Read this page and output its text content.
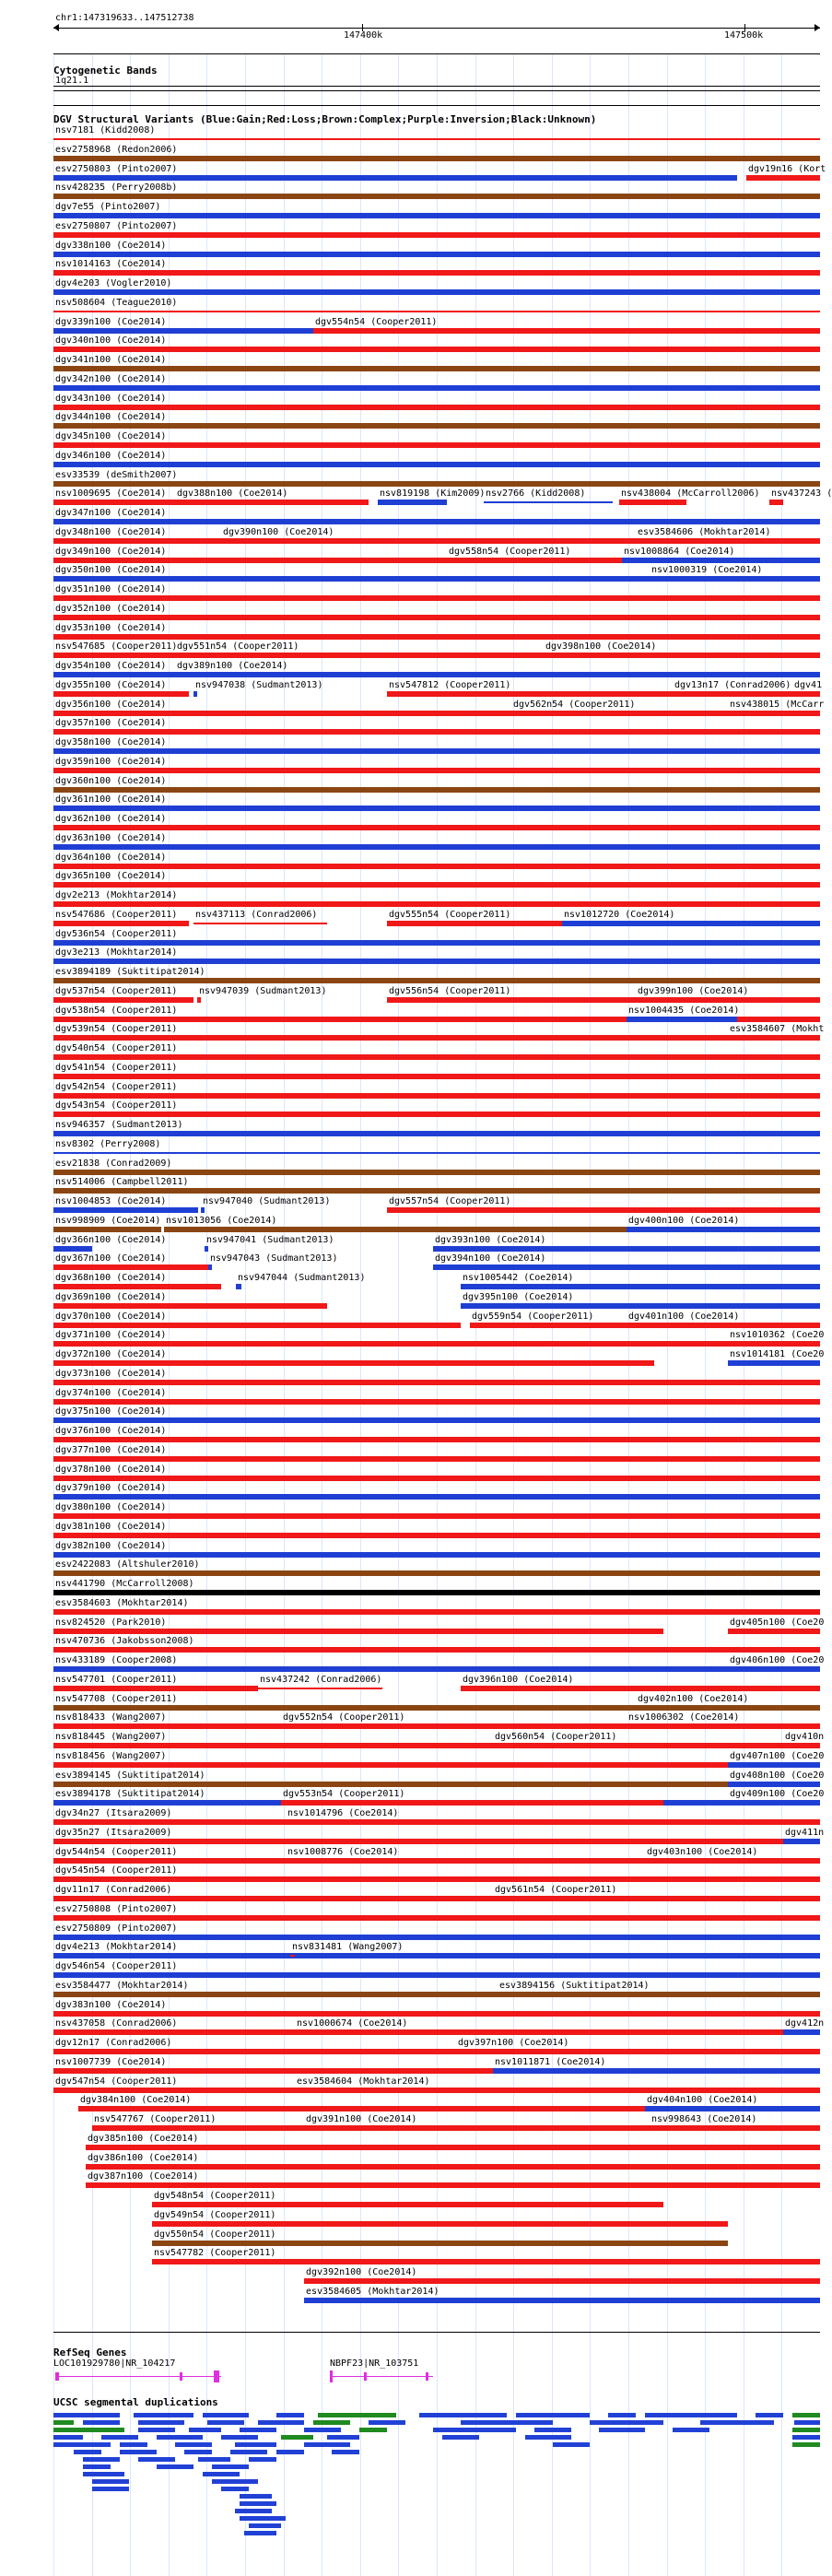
chr1:147319633..147512738
147400k	147500k
Cytogenetic Bands
1q21.1
DGV Structural Variants (Blue:Gain;Red:Loss;Brown:Complex;Purple:Inversion;Black:Unknown)
nsv7181 (Kidd2008)
esv2758968 (Redon2006)
esv2750803 (Pinto2007)	dgv19n16 (Kort
nsv428235 (Perry2008b)
dgv7e55 (Pinto2007)
esv2750807 (Pinto2007)
dgv338n100 (Coe2014)
nsv1014163 (Coe2014)
dgv4e203 (Vogler2010)
nsv508604 (Teague2010)
dgv339n100 (Coe2014)	dgv554n54 (Cooper2011)
dgv340n100 (Coe2014)
dgv341n100 (Coe2014)
dgv342n100 (Coe2014)
dgv343n100 (Coe2014)
dgv344n100 (Coe2014)
dgv345n100 (Coe2014)
dgv346n100 (Coe2014)
esv33539 (deSmith2007)
nsv1009695 (Coe2014) dgv388n100 (Coe2014)	nsv819198 (Kim2009) nsv2766 (Kidd2008)	nsv438004 (McCarroll2006) nsv437243 (
dgv347n100 (Coe2014)
dgv348n100 (Coe2014)	dgv390n100 (Coe2014)	esv3584606 (Mokhtar2014)
dgv349n100 (Coe2014)	dgv558n54 (Cooper2011)	nsv1008864 (Coe2014)
dgv350n100 (Coe2014)	nsv1000319 (Coe2014)
dgv351n100 (Coe2014)
dgv352n100 (Coe2014)
dgv353n100 (Coe2014)
nsv547685 (Cooper2011) dgv551n54 (Cooper2011)	dgv398n100 (Coe2014)
dgv354n100 (Coe2014) dgv389n100 (Coe2014)
dgv355n100 (Coe2014)	nsv947038 (Sudmant2013)	nsv547812 (Cooper2011)	dgv13n17 (Conrad2006) dgv41
dgv356n100 (Coe2014)	dgv562n54 (Cooper2011)	nsv438015 (McCarr
dgv357n100 (Coe2014)
dgv358n100 (Coe2014)
dgv359n100 (Coe2014)
dgv360n100 (Coe2014)
dgv361n100 (Coe2014)
dgv362n100 (Coe2014)
dgv363n100 (Coe2014)
dgv364n100 (Coe2014)
dgv365n100 (Coe2014)
dgv2e213 (Mokhtar2014)
nsv547686 (Cooper2011) nsv437113 (Conrad2006)	dgv555n54 (Cooper2011)	nsv1012720 (Coe2014)
dgv536n54 (Cooper2011)
dgv3e213 (Mokhtar2014)
esv3894189 (Suktitipat2014)
dgv537n54 (Cooper2011) nsv947039 (Sudmant2013)	dgv556n54 (Cooper2011)	dgv399n100 (Coe2014)
dgv538n54 (Cooper2011)	nsv1004435 (Coe2014)
dgv539n54 (Cooper2011)	esv3584607 (Mokht
dgv540n54 (Cooper2011)
dgv541n54 (Cooper2011)
dgv542n54 (Cooper2011)
dgv543n54 (Cooper2011)
nsv946357 (Sudmant2013)
nsv8302 (Perry2008)
esv21838 (Conrad2009)
nsv514006 (Campbell2011)
nsv1004853 (Coe2014)	nsv947040 (Sudmant2013)	dgv557n54 (Cooper2011)
nsv998909 (Coe2014) nsv1013056 (Coe2014)	dgv400n100 (Coe2014)
dgv366n100 (Coe2014)	nsv947041 (Sudmant2013)	dgv393n100 (Coe2014)
dgv367n100 (Coe2014)	nsv947043 (Sudmant2013)	dgv394n100 (Coe2014)
dgv368n100 (Coe2014)	nsv947044 (Sudmant2013)	nsv1005442 (Coe2014)
dgv369n100 (Coe2014)	dgv395n100 (Coe2014)
dgv370n100 (Coe2014)	dgv559n54 (Cooper2011)	dgv401n100 (Coe2014)
dgv371n100 (Coe2014)	nsv1010362 (Coe20
dgv372n100 (Coe2014)	nsv1014181 (Coe20
dgv373n100 (Coe2014)
dgv374n100 (Coe2014)
dgv375n100 (Coe2014)
dgv376n100 (Coe2014)
dgv377n100 (Coe2014)
dgv378n100 (Coe2014)
dgv379n100 (Coe2014)
dgv380n100 (Coe2014)
dgv381n100 (Coe2014)
dgv382n100 (Coe2014)
esv2422083 (Altshuler2010)
nsv441790 (McCarroll2008)
esv3584603 (Mokhtar2014)
nsv824520 (Park2010)	dgv405n100 (Coe20
nsv470736 (Jakobsson2008)
nsv433189 (Cooper2008)	dgv406n100 (Coe20
nsv547701 (Cooper2011)	nsv437242 (Conrad2006)	dgv396n100 (Coe2014)
nsv547708 (Cooper2011)	dgv402n100 (Coe2014)
nsv818433 (Wang2007)	dgv552n54 (Cooper2011)	nsv1006302 (Coe2014)
nsv818445 (Wang2007)	dgv560n54 (Cooper2011)	dgv410n
nsv818456 (Wang2007)	dgv407n100 (Coe20
esv3894145 (Suktitipat2014)	dgv408n100 (Coe20
esv3894178 (Suktitipat2014)	dgv553n54 (Cooper2011)	dgv409n100 (Coe20
dgv34n27 (Itsara2009)	nsv1014796 (Coe2014)
dgv35n27 (Itsara2009)	dgv411n
dgv544n54 (Cooper2011)	nsv1008776 (Coe2014)	dgv403n100 (Coe2014)
dgv545n54 (Cooper2011)
dgv11n17 (Conrad2006)	dgv561n54 (Cooper2011)
esv2750808 (Pinto2007)
esv2750809 (Pinto2007)
dgv4e213 (Mokhtar2014)	nsv831481 (Wang2007)
dgv546n54 (Cooper2011)
esv3584477 (Mokhtar2014)	esv3894156 (Suktitipat2014)
dgv383n100 (Coe2014)
nsv437058 (Conrad2006)	nsv1000674 (Coe2014)	dgv412n
dgv12n17 (Conrad2006)	dgv397n100 (Coe2014)
nsv1007739 (Coe2014)	nsv1011871 (Coe2014)
dgv547n54 (Cooper2011)	esv3584604 (Mokhtar2014)
dgv384n100 (Coe2014)	dgv404n100 (Coe2014)
nsv547767 (Cooper2011)	dgv391n100 (Coe2014)	nsv998643 (Coe2014)
dgv385n100 (Coe2014)
dgv386n100 (Coe2014)
dgv387n100 (Coe2014)
dgv548n54 (Cooper2011)
dgv549n54 (Cooper2011)
dgv550n54 (Cooper2011)
nsv547782 (Cooper2011)
dgv392n100 (Coe2014)
esv3584605 (Mokhtar2014)
RefSeq Genes
LOC101929780|NR_104217	NBPF23|NR_103751
UCSC segmental duplications
